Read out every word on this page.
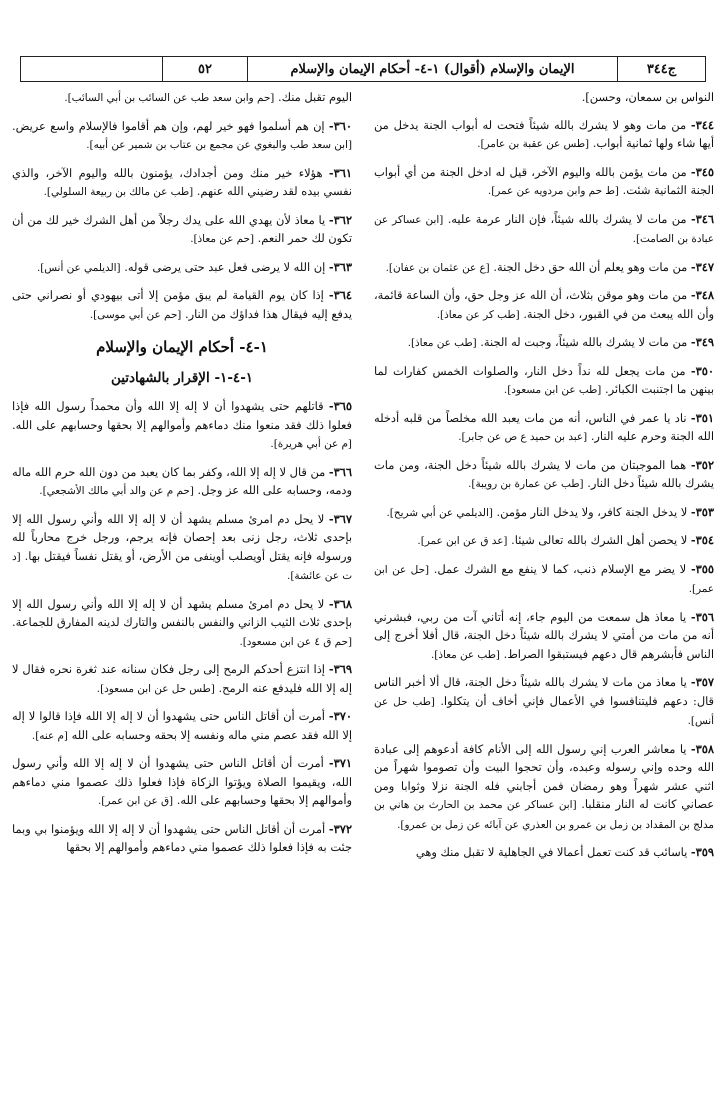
ج٣٤٤
الإيمان والإسلام (أقوال) ١-٤- أحكام الإيمان والإسلام
٥٢
النواس بن سمعان، وحسن].
٣٤٤- من مات وهو لا يشرك بالله شيئاً فتحت له أبواب الجنة يدخل من أيها شاء ولها ثمانية أبواب. [طس عن عقبة بن عامر].
٣٤٥- من مات يؤمن بالله واليوم الآخر، قيل له ادخل الجنة من أي أبواب الجنة الثمانية شئت. [ط حم وابن مردويه عن عمر].
٣٤٦- من مات لا يشرك بالله شيئاً، فإن النار عرمة عليه. [ابن عساكر عن عبادة بن الصامت].
٣٤٧- من مات وهو يعلم أن الله حق دخل الجنة. [ع عن عثمان بن عفان].
٣٤٨- من مات وهو موقن بثلاث، أن الله عز وجل حق، وأن الساعة قائمة، وأن الله يبعث من في القبور، دخل الجنة. [طب كر عن معاذ].
٣٤٩- من مات لا يشرك بالله شيئاً، وجبت له الجنة. [طب عن معاذ].
٣٥٠- من مات يجعل لله نداً دخل النار، والصلوات الخمس كفارات لما بينهن ما اجتنبت الكبائر. [طب عن ابن مسعود].
٣٥١- ناد يا عمر في الناس، أنه من مات يعبد الله مخلصاً من قلبه أدخله الله الجنة وحرم عليه النار. [عبد بن حميد ع ص عن جابر].
٣٥٢- هما الموجبتان من مات لا يشرك بالله شيئاً دخل الجنة، ومن مات يشرك بالله شيئاً دخل النار. [طب عن عمارة بن رويبة].
٣٥٣- لا يدخل الجنة كافر، ولا يدخل النار مؤمن. [الديلمي عن أبي شريح].
٣٥٤- لا يحصن أهل الشرك بالله تعالى شيئا. [عد ق عن ابن عمر].
٣٥٥- لا يضر مع الإسلام ذنب، كما لا ينفع مع الشرك عمل. [حل عن ابن عمر].
٣٥٦- يا معاذ هل سمعت من اليوم جاء، إنه أتاني آت من ربي، فبشرني أنه من مات من أمتي لا يشرك بالله شيئاً دخل الجنة، قال أفلا أخرج إلى الناس فأبشرهم قال دعهم فيستبقوا الصراط. [طب عن معاذ].
٣٥٧- يا معاذ من مات لا يشرك بالله شيئاً دخل الجنة، قال ألا أخبر الناس قال: دعهم فليتنافسوا في الأعمال فإني أخاف أن يتكلوا. [طب حل عن أنس].
٣٥٨- يا معاشر العرب إني رسول الله إلى الأنام كافة أدعوهم إلى عبادة الله وحده وإني رسوله وعبده، وأن تحجوا البيت وأن تصوموا شهراً من اثني عشر شهراً وهو رمضان فمن أجابني فله الجنة نزلا وثوابا ومن عصاني كانت له النار منقلبا. [ابن عساكر عن محمد بن الحارث بن هاني بن مدلج بن المقداد بن زمل بن عمرو بن العذري عن آبائه عن زمل بن عمرو].
٣٥٩- ياسائب قد كنت تعمل أعمالا في الجاهلية لا تقبل منك وهي
اليوم تقبل منك. [حم وابن سعد طب عن السائب بن أبي السائب].
٣٦٠- إن هم أسلموا فهو خير لهم، وإن هم أقاموا فالإسلام واسع عريض. [ابن سعد طب والبغوي عن مجمع بن عتاب بن شمير عن أبيه].
٣٦١- هؤلاء خير منك ومن أجدادك، يؤمنون بالله واليوم الآخر، والذي نفسي بيده لقد رضيني الله عنهم. [طب عن مالك بن ربيعة السلولي].
٣٦٢- يا معاذ لأن يهدي الله على يدك رجلاً من أهل الشرك خير لك من أن تكون لك حمر النعم. [حم عن معاذ].
٣٦٣- إن الله لا يرضى فعل عبد حتى يرضى قوله. [الديلمي عن أنس].
٣٦٤- إذا كان يوم القيامة لم يبق مؤمن إلا أتى بيهودي أو نصراني حتى يدفع إليه فيقال هذا فداؤك من النار. [حم عن أبي موسى].
١-٤- أحكام الإيمان والإسلام
١-٤-١- الإقرار بالشهادتين
٣٦٥- قاتلهم حتى يشهدوا أن لا إله إلا الله وأن محمداً رسول الله فإذا فعلوا ذلك فقد منعوا منك دماءهم وأموالهم إلا بحقها وحسابهم على الله. [م عن أبي هريرة].
٣٦٦- من قال لا إله إلا الله، وكفر بما كان يعبد من دون الله حرم الله ماله ودمه، وحسابه على الله عز وجل. [حم م عن والد أبي مالك الأشجعي].
٣٦٧- لا يحل دم امرئ مسلم يشهد أن لا إله إلا الله وأني رسول الله إلا بإحدى ثلاث، رجل زنى بعد إحصان فإنه يرجم، ورجل خرج محارباً لله ورسوله فإنه يقتل أويصلب أوينفى من الأرض، أو يقتل نفساً فيقتل بها. [د ت عن عائشة].
٣٦٨- لا يحل دم امرئ مسلم يشهد أن لا إله إلا الله وأني رسول الله إلا بإحدى ثلاث الثيب الزاني والنفس بالنفس والتارك لدينه المفارق للجماعة. [حم ق ٤ عن ابن مسعود].
٣٦٩- إذا انتزع أحدكم الرمح إلى رجل فكان سنانه عند ثغرة نحره فقال لا إله إلا الله فليدفع عنه الرمح. [طس حل عن ابن مسعود].
٣٧٠- أمرت أن أقاتل الناس حتى يشهدوا أن لا إله إلا الله فإذا قالوا لا إله إلا الله فقد عصم مني ماله ونفسه إلا بحقه وحسابه على الله [م عنه].
٣٧١- أمرت أن أقاتل الناس حتى يشهدوا أن لا إله إلا الله وأني رسول الله، ويقيموا الصلاة ويؤتوا الزكاة فإذا فعلوا ذلك عصموا مني دماءهم وأموالهم إلا بحقها وحسابهم على الله. [ق عن ابن عمر].
٣٧٢- أمرت أن أقاتل الناس حتى يشهدوا أن لا إله إلا الله ويؤمنوا بي وبما جئت به فإذا فعلوا ذلك عصموا مني دماءهم وأموالهم إلا بحقها
